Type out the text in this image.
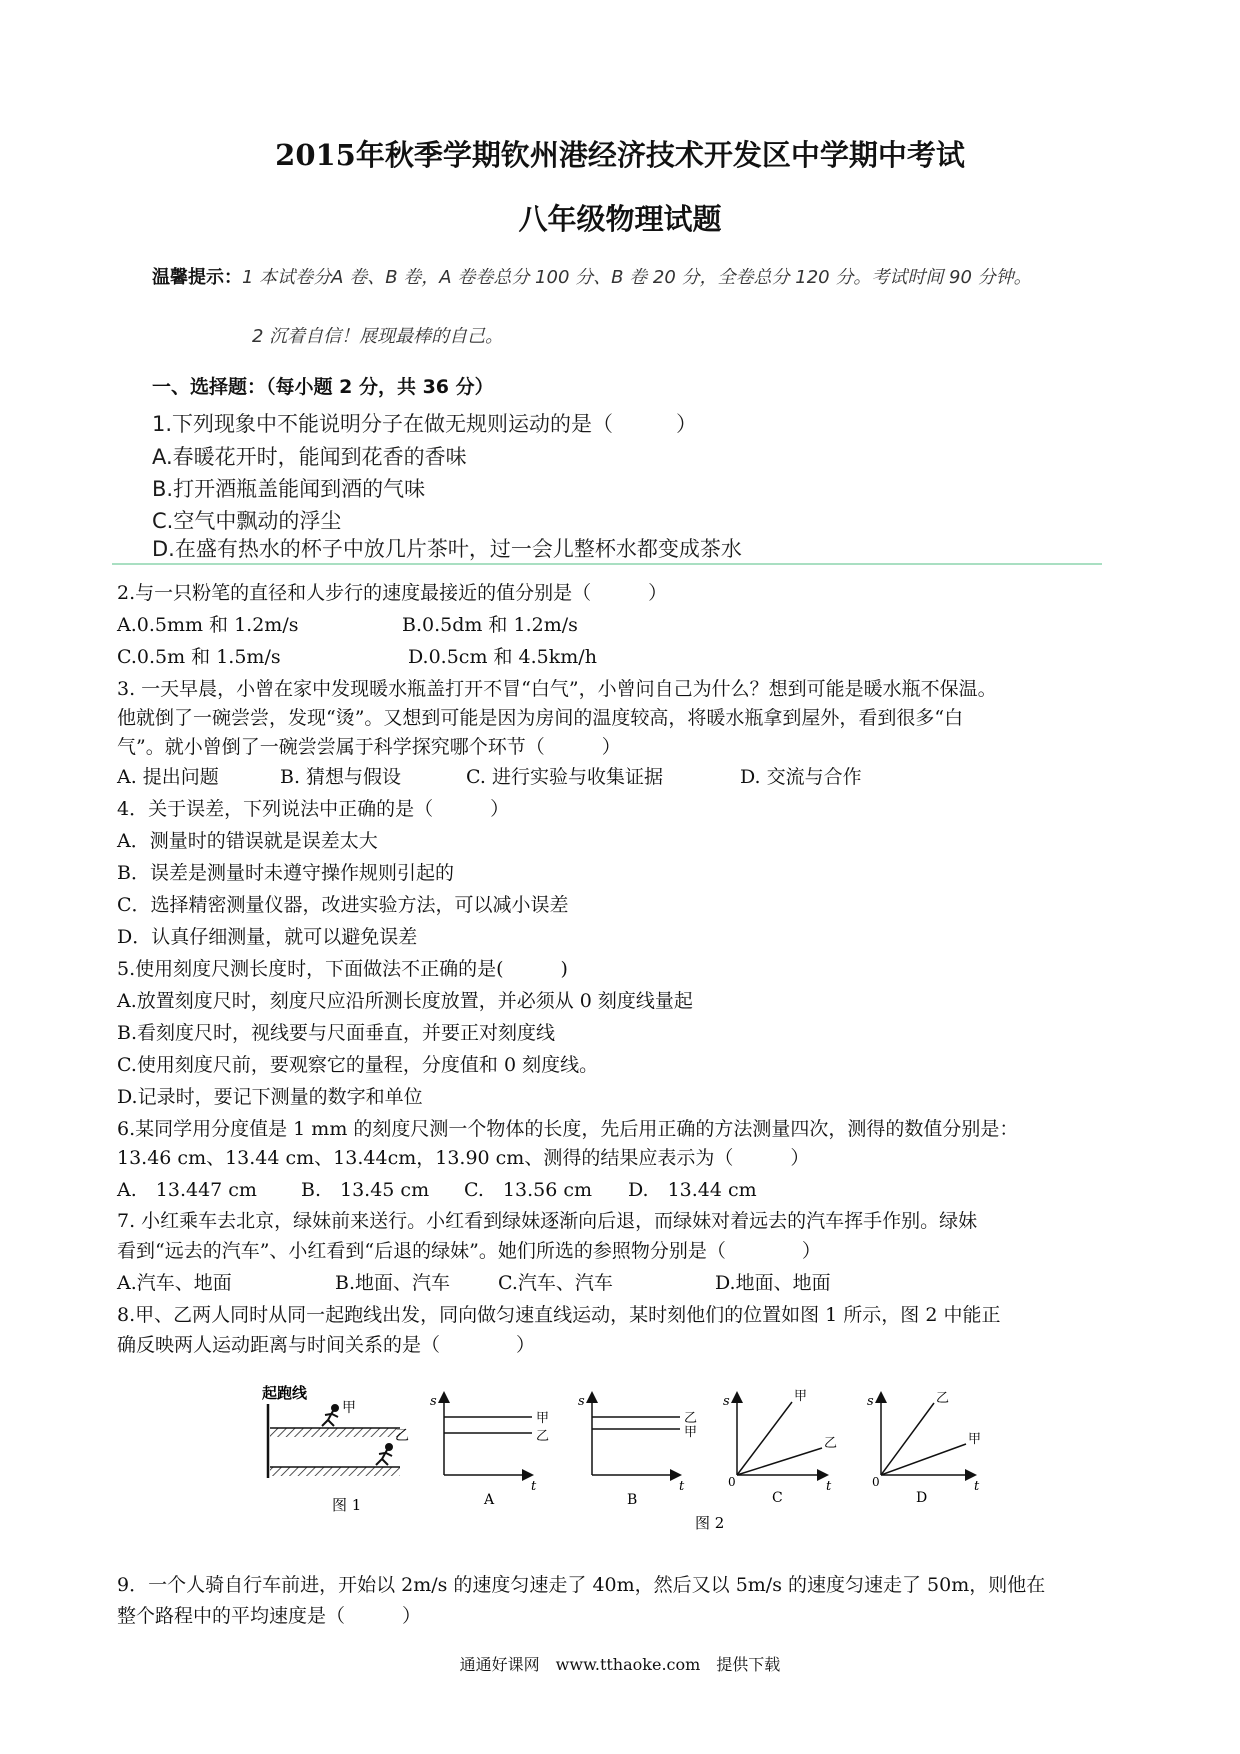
2015年秋季学期钦州港经济技术开发区中学期中考试
八年级物理试题
温馨提示：1 本试卷分A 卷、B 卷，A 卷卷总分 100 分、B 卷 20 分，全卷总分 120 分。考试时间 90 分钟。
2 沉着自信！展现最棒的自己。
一、选择题：（每小题 2 分，共 36 分）
1.下列现象中不能说明分子在做无规则运动的是（　　　）
A.春暖花开时，能闻到花香的香味
B.打开酒瓶盖能闻到酒的气味
C.空气中飘动的浮尘
D.在盛有热水的杯子中放几片茶叶，过一会儿整杯水都变成茶水
2.与一只粉笔的直径和人步行的速度最接近的值分别是（　　　）
A.0.5mm 和 1.2m/s	B.0.5dm 和 1.2m/s
C.0.5m 和 1.5m/s	D.0.5cm 和 4.5km/h
3. 一天早晨，小曾在家中发现暖水瓶盖打开不冒“白气”，小曾问自己为什么？想到可能是暖水瓶不保温。
他就倒了一碗尝尝，发现“烫”。又想到可能是因为房间的温度较高，将暖水瓶拿到屋外，看到很多“白
气”。就小曾倒了一碗尝尝属于科学探究哪个环节（　　　）
A. 提出问题	B. 猜想与假设	C. 进行实验与收集证据	D. 交流与合作
4．关于误差，下列说法中正确的是（　　　）
A．测量时的错误就是误差太大
B．误差是测量时未遵守操作规则引起的
C．选择精密测量仪器，改进实验方法，可以减小误差
D．认真仔细测量，就可以避免误差
5.使用刻度尺测长度时，下面做法不正确的是(　　　)
A.放置刻度尺时，刻度尺应沿所测长度放置，并必须从 0 刻度线量起
B.看刻度尺时，视线要与尺面垂直，并要正对刻度线
C.使用刻度尺前，要观察它的量程，分度值和 0 刻度线。
D.记录时，要记下测量的数字和单位
6.某同学用分度值是 1 mm 的刻度尺测一个物体的长度，先后用正确的方法测量四次，测得的数值分别是：
13.46 cm、13.44 cm、13.44cm，13.90 cm、测得的结果应表示为（　　　）
A.　13.447 cm B.　13.45 cm C.　13.56 cm D.　13.44 cm
7. 小红乘车去北京，绿妹前来送行。小红看到绿妹逐渐向后退，而绿妹对着远去的汽车挥手作别。绿妹
看到“远去的汽车”、小红看到“后退的绿妹”。她们所选的参照物分别是（　　　　）
A.汽车、地面	B.地面、汽车	C.汽车、汽车	D.地面、地面
8.甲、乙两人同时从同一起跑线出发，同向做匀速直线运动，某时刻他们的位置如图 1 所示，图 2 中能正
确反映两人运动距离与时间关系的是（　　　　）
起跑线
甲
乙
图 1
s
t
甲
乙
A
s
t
乙
甲
B
s
0	t
甲
乙
C
s
0	t
乙
甲
D
图 2
9．一个人骑自行车前进，开始以 2m/s 的速度匀速走了 40m，然后又以 5m/s 的速度匀速走了 50m，则他在
整个路程中的平均速度是（　　　）
通通好课网　www.tthaoke.com　提供下载
